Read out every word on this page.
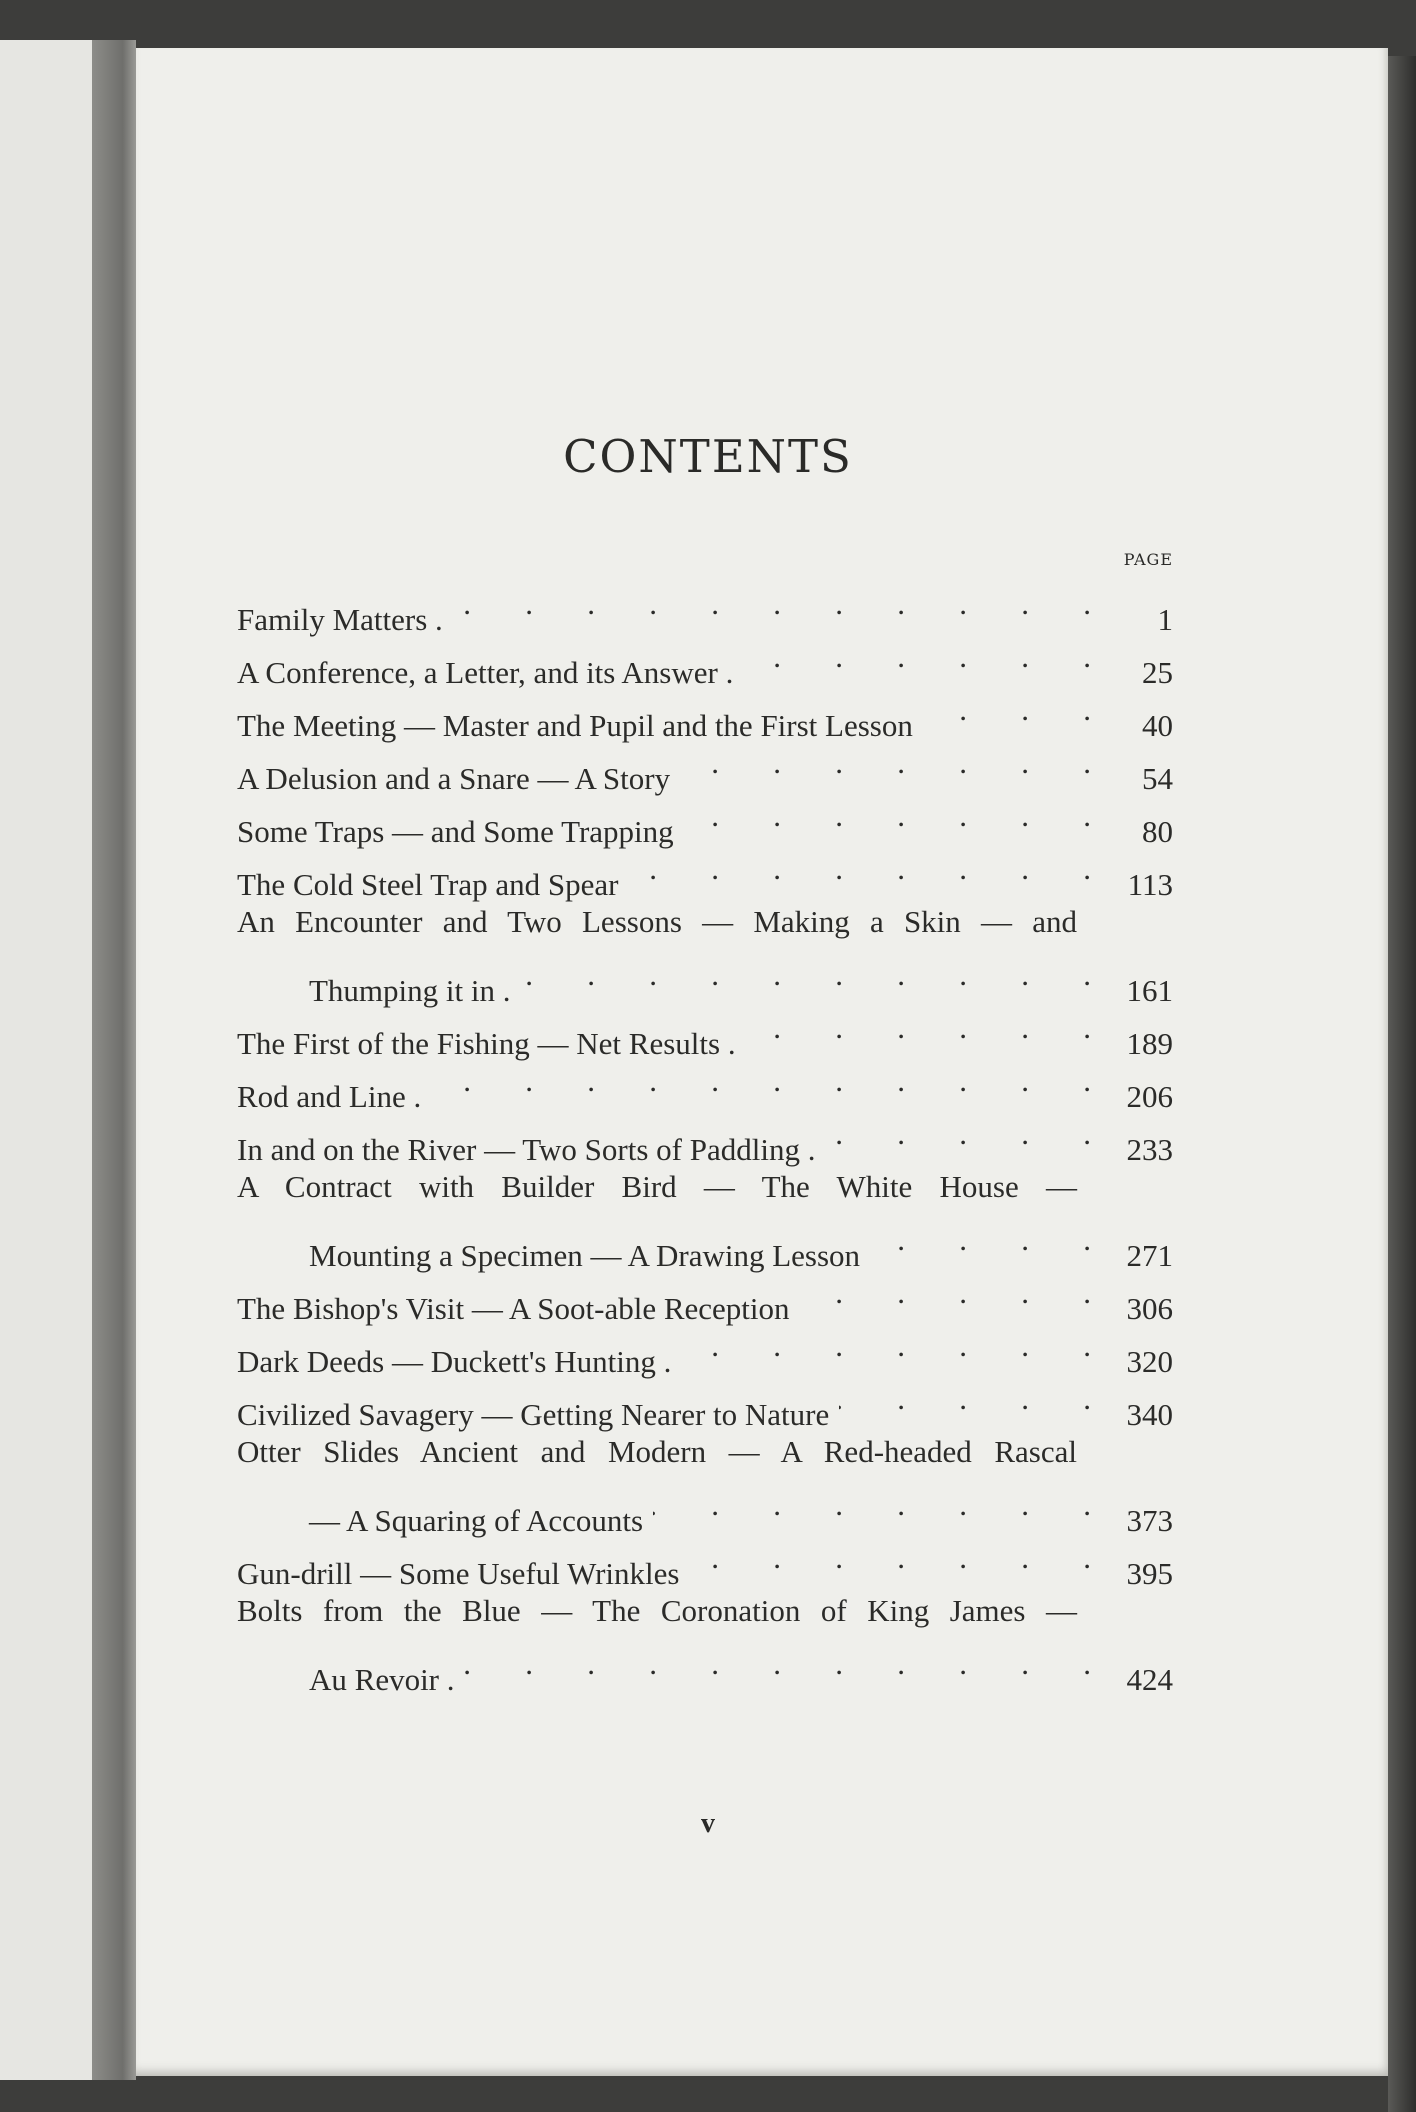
CONTENTS
PAGE
Family Matters . .	1
A Conference, a Letter, and its Answer . .	25
The Meeting — Master and Pupil and the First Lesson .	40
A Delusion and a Snare — A Story .	54
Some Traps — and Some Trapping .	80
The Cold Steel Trap and Spear .	113
An Encounter and Two Lessons — Making a Skin — and
Thumping it in . .	161
The First of the Fishing — Net Results . .	189
Rod and Line . .	206
In and on the River — Two Sorts of Paddling . .	233
A Contract with Builder Bird — The White House —
Mounting a Specimen — A Drawing Lesson .	271
The Bishop's Visit — A Soot-able Reception .	306
Dark Deeds — Duckett's Hunting . .	320
Civilized Savagery — Getting Nearer to Nature .	340
Otter Slides Ancient and Modern — A Red-headed Rascal
— A Squaring of Accounts .	373
Gun-drill — Some Useful Wrinkles .	395
Bolts from the Blue — The Coronation of King James —
Au Revoir . .	424
v
